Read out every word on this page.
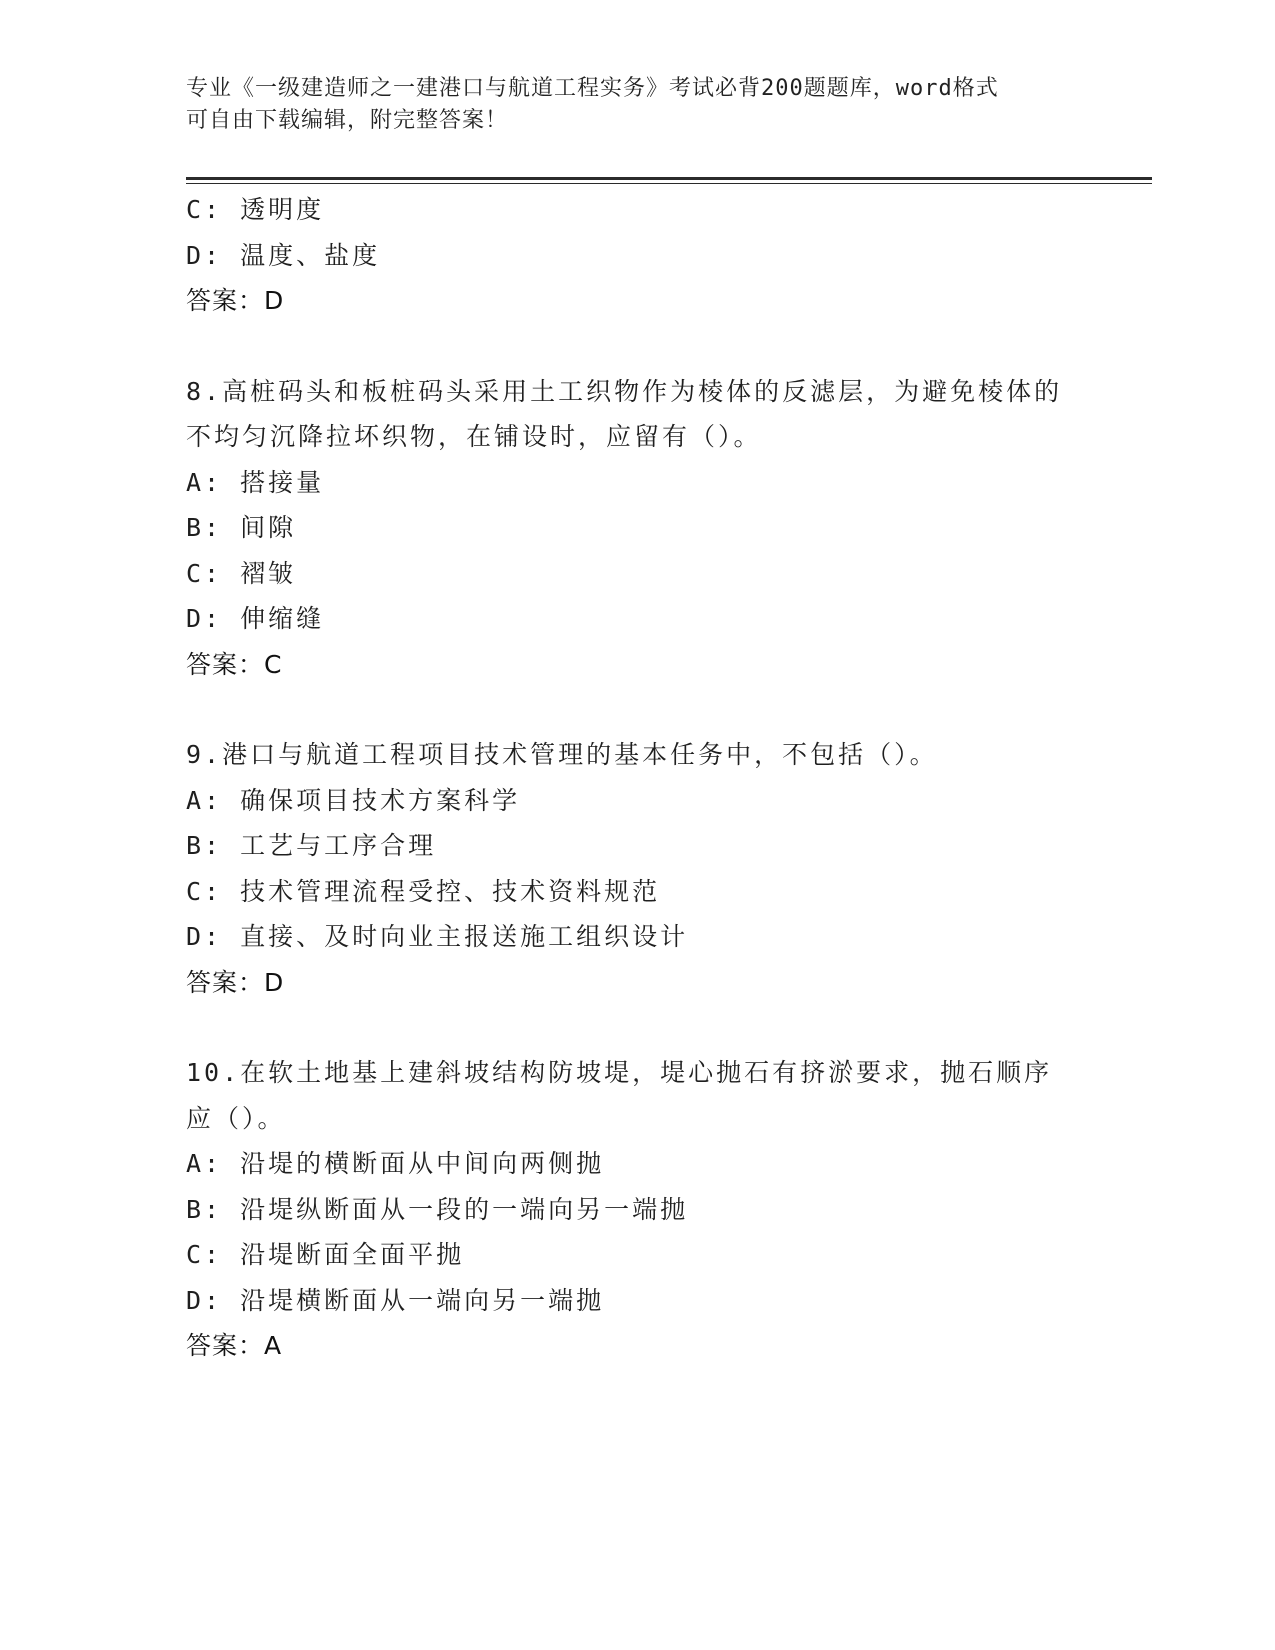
专业《一级建造师之一建港口与航道工程实务》考试必背200题题库，word格式
可自由下载编辑，附完整答案！
C: 透明度
D: 温度、盐度
答案：D
8.高桩码头和板桩码头采用土工织物作为棱体的反滤层，为避免棱体的不均匀沉降拉坏织物，在铺设时，应留有（）。
A: 搭接量
B: 间隙
C: 褶皱
D: 伸缩缝
答案：C
9.港口与航道工程项目技术管理的基本任务中，不包括（）。
A: 确保项目技术方案科学
B: 工艺与工序合理
C: 技术管理流程受控、技术资料规范
D: 直接、及时向业主报送施工组织设计
答案：D
10.在软土地基上建斜坡结构防坡堤，堤心抛石有挤淤要求，抛石顺序应（）。
A: 沿堤的横断面从中间向两侧抛
B: 沿堤纵断面从一段的一端向另一端抛
C: 沿堤断面全面平抛
D: 沿堤横断面从一端向另一端抛
答案：A
